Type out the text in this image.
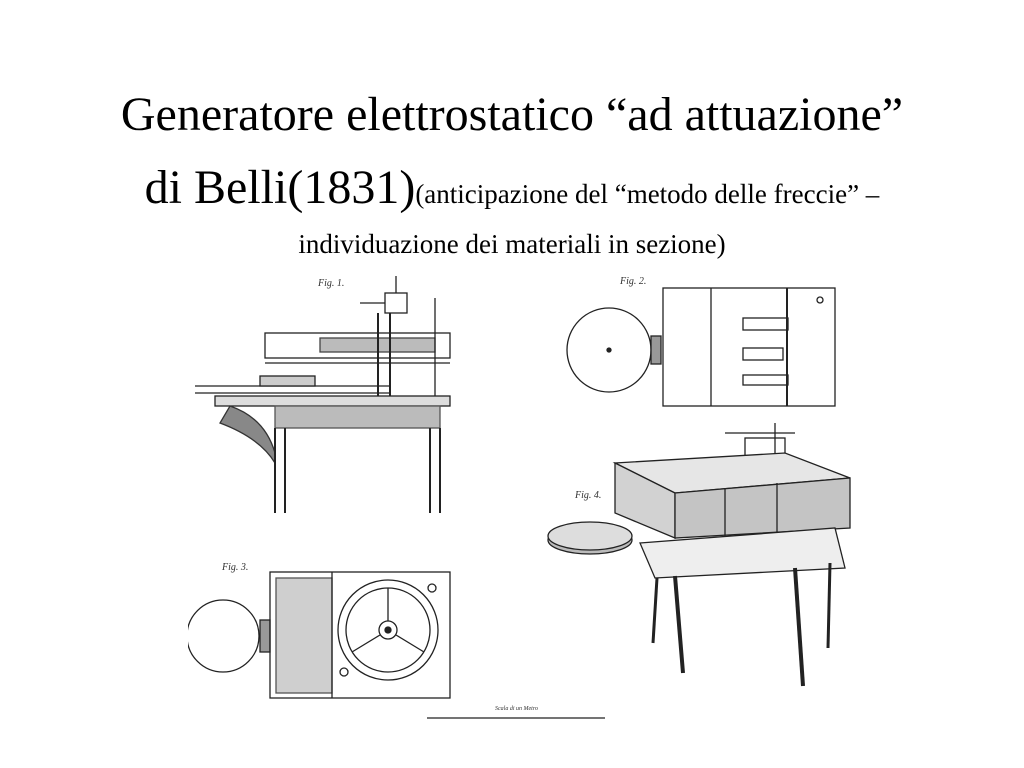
Generatore elettrostatico “ad attuazione”
di Belli(1831)(anticipazione del “metodo delle freccie” –
individuazione dei materiali in sezione)
Fig. 1.	Fig. 2.
Fig. 3.
Fig. 4.
Scala di un Metro
